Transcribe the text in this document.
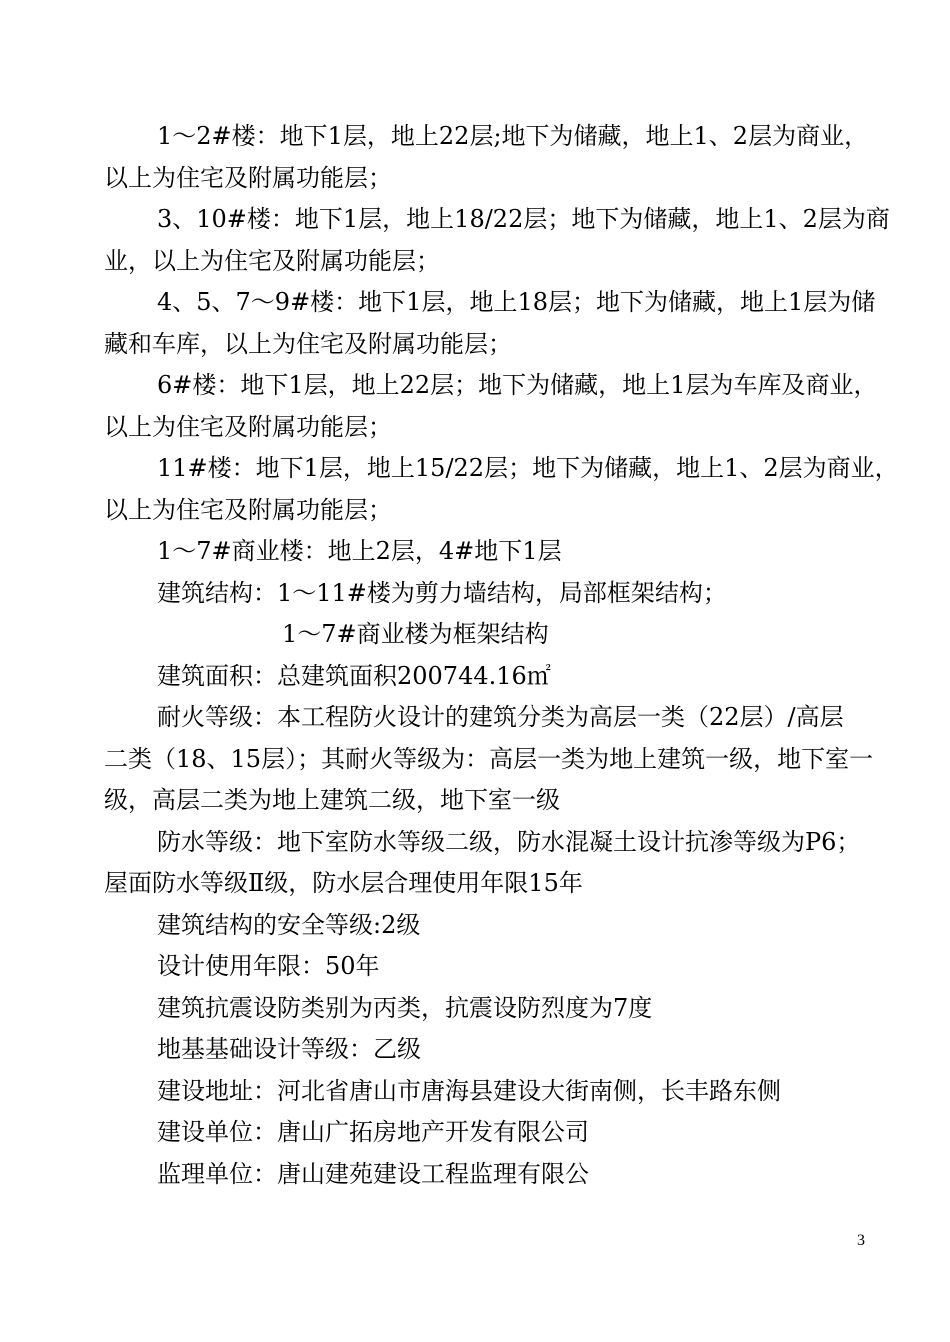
1～2#楼：地下1层，地上22层;地下为储藏，地上1、2层为商业，
以上为住宅及附属功能层；
3、10#楼：地下1层，地上18/22层；地下为储藏，地上1、2层为商
业，以上为住宅及附属功能层；
4、5、7～9#楼：地下1层，地上18层；地下为储藏，地上1层为储
藏和车库，以上为住宅及附属功能层；
6#楼：地下1层，地上22层；地下为储藏，地上1层为车库及商业，
以上为住宅及附属功能层；
11#楼：地下1层，地上15/22层；地下为储藏，地上1、2层为商业，
以上为住宅及附属功能层；
1～7#商业楼：地上2层，4#地下1层
建筑结构：1～11#楼为剪力墙结构，局部框架结构；
1～7#商业楼为框架结构
建筑面积：总建筑面积200744.16㎡
耐火等级：本工程防火设计的建筑分类为高层一类（22层）/高层
二类（18、15层）；其耐火等级为：高层一类为地上建筑一级，地下室一
级，高层二类为地上建筑二级，地下室一级
防水等级：地下室防水等级二级，防水混凝土设计抗渗等级为P6；
屋面防水等级Ⅱ级，防水层合理使用年限15年
建筑结构的安全等级:2级
设计使用年限：50年
建筑抗震设防类别为丙类，抗震设防烈度为7度
地基基础设计等级：乙级
建设地址：河北省唐山市唐海县建设大街南侧，长丰路东侧
建设单位：唐山广拓房地产开发有限公司
监理单位：唐山建苑建设工程监理有限公
3
